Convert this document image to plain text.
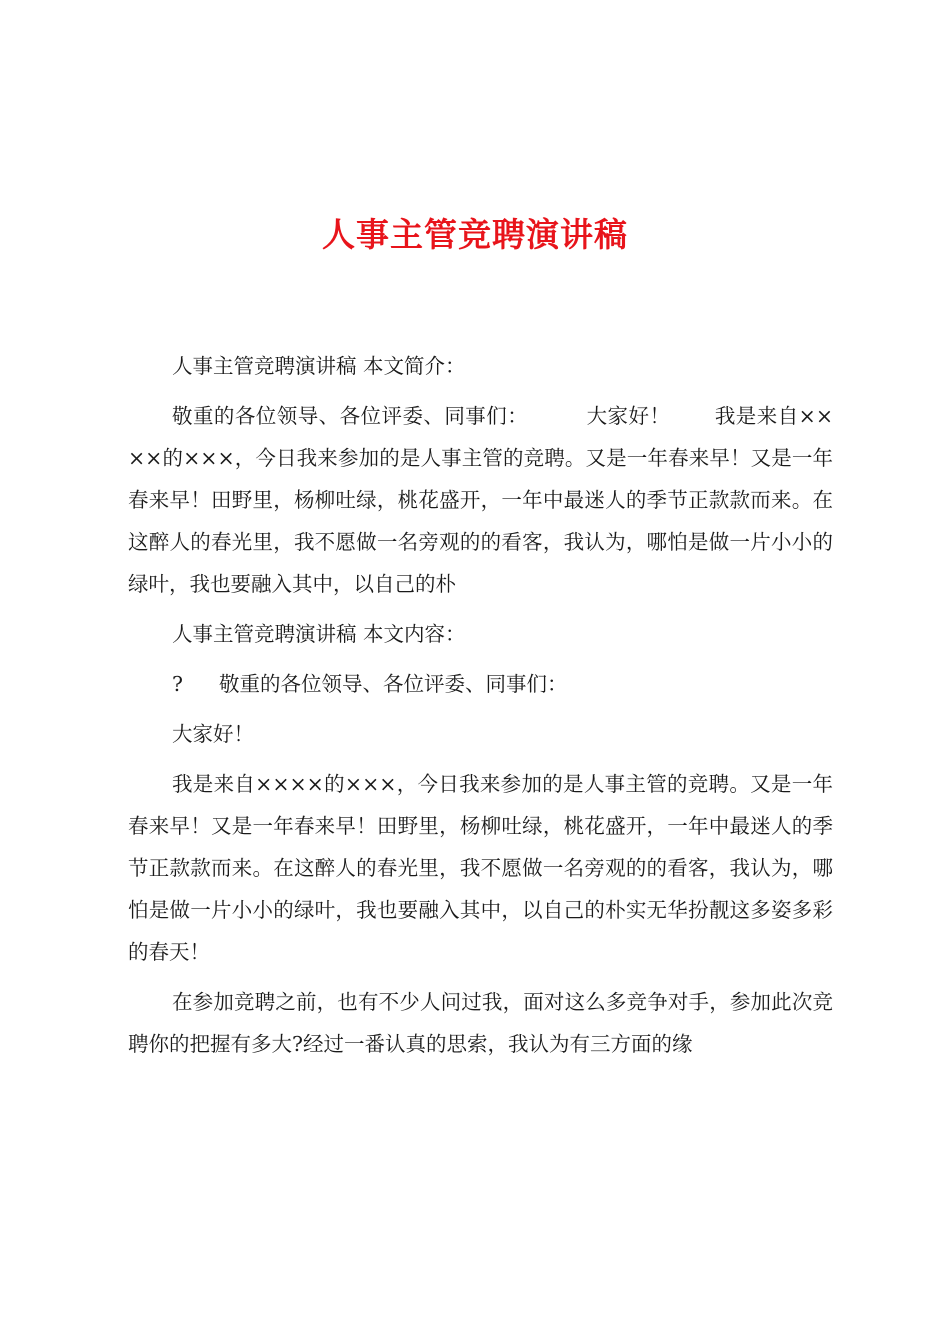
人事主管竞聘演讲稿

人事主管竞聘演讲稿 本文简介：

敬重的各位领导、各位评委、同事们：	大家好！ 我是来自××××的×××，今日我来参加的是人事主管的竞聘。又是一年春来早！又是一年春来早！田野里，杨柳吐绿，桃花盛开，一年中最迷人的季节正款款而来。在这醉人的春光里，我不愿做一名旁观的的看客，我认为，哪怕是做一片小小的绿叶，我也要融入其中，以自己的朴

人事主管竞聘演讲稿 本文内容：

? 敬重的各位领导、各位评委、同事们：

大家好！

我是来自××××的×××，今日我来参加的是人事主管的竞聘。又是一年春来早！又是一年春来早！田野里，杨柳吐绿，桃花盛开，一年中最迷人的季节正款款而来。在这醉人的春光里，我不愿做一名旁观的的看客，我认为，哪怕是做一片小小的绿叶，我也要融入其中，以自己的朴实无华扮靓这多姿多彩的春天！

在参加竞聘之前，也有不少人问过我，面对这么多竞争对手，参加此次竞聘你的把握有多大?经过一番认真的思索，我认为有三方面的缘
